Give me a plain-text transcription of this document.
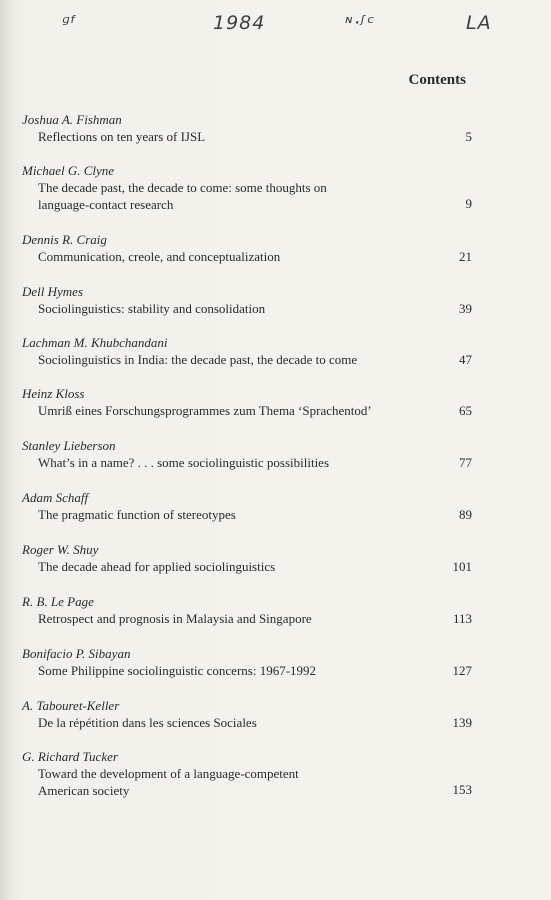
ᶢᶠ	1984	ᶰ·ᶴᶜ	LA
Contents

Joshua A. Fishman

Reflections on ten years of IJSL	5

Michael G. Clyne

The decade past, the decade to come: some thoughts on language-contact research	9

Dennis R. Craig

Communication, creole, and conceptualization	21

Dell Hymes

Sociolinguistics: stability and consolidation	39

Lachman M. Khubchandani

Sociolinguistics in India: the decade past, the decade to come	47

Heinz Kloss

Umriß eines Forschungsprogrammes zum Thema ‘Sprachentod’	65

Stanley Lieberson

What’s in a name? . . . some sociolinguistic possibilities	77

Adam Schaff

The pragmatic function of stereotypes	89

Roger W. Shuy

The decade ahead for applied sociolinguistics	101

R. B. Le Page

Retrospect and prognosis in Malaysia and Singapore	113

Bonifacio P. Sibayan

Some Philippine sociolinguistic concerns: 1967-1992	127

A. Tabouret-Keller

De la répétition dans les sciences Sociales	139

G. Richard Tucker

Toward the development of a language-competent American society	153
